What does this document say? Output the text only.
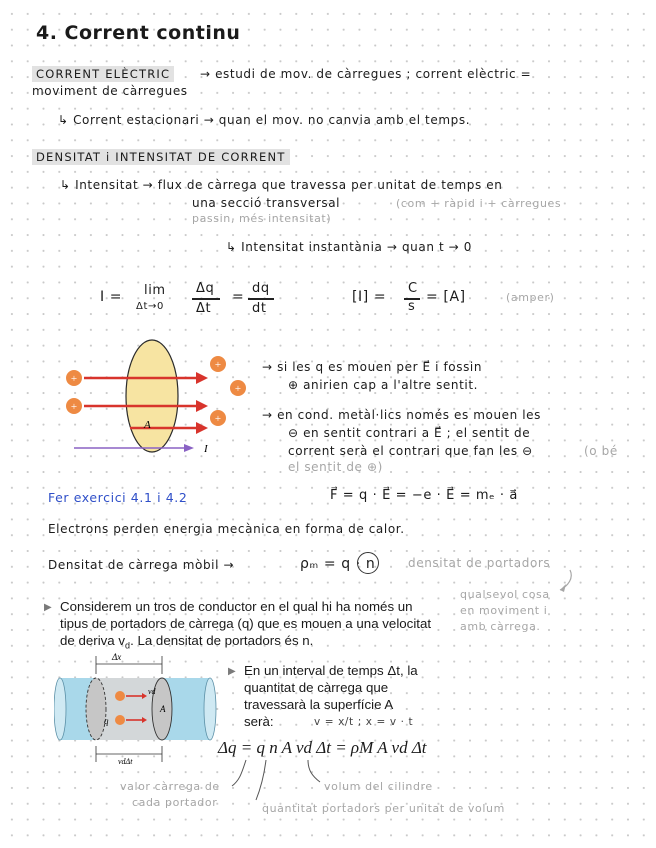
4. Corrent continu
CORRENT ELÈCTRIC	→ estudi de mov. de càrregues ; corrent elèctric =
moviment de càrregues
↳ Corrent estacionari → quan el mov. no canvia amb el temps.
DENSITAT i INTENSITAT DE CORRENT
↳ Intensitat → flux de càrrega que travessa per unitat de temps en
una secció transversal	(com + ràpid i + càrregues
passin, més intensitat)
↳ Intensitat instantània → quan t → 0
I = lim
Δt→0
Δq
Δt
=
dq
dt
[I] =
C
s
= [A]	(amper)
+
+
+
+
+
A
I
→ si les q es mouen per E⃗ i fossin
⊕ anirien cap a l'altre sentit.
→ en cond. metàl·lics només es mouen les
⊖ en sentit contrari a E⃗ ; el sentit de
corrent serà el contrari que fan les ⊖	(o bé
el sentit de ⊕)
Fer exercici 4.1 i 4.2	F⃗ = q · E⃗ = −e · E⃗ = mₑ · a⃗
Electrons perden energia mecànica en forma de calor.
Densitat de càrrega mòbil →	ρₘ = q · n	densitat de portadors
qualsevol cosa
en moviment i
amb càrrega.
▶ Considerem un tros de conductor en el qual hi ha només un tipus de portadors de càrrega (q) que es mouen a una velocitat de deriva $v_d$. La densitat de portadors és n.
Δx
vd
q
A
vdΔt
▶ En un interval de temps Δt, la
quantitat de càrrega que
travessarà la superfície A
serà:	v = x/t ; x = v · t
Δq = q n A vd Δt = ρM A vd Δt
valor càrrega de
cada portador	quantitat portadors per unitat de volum
volum del cilindre
